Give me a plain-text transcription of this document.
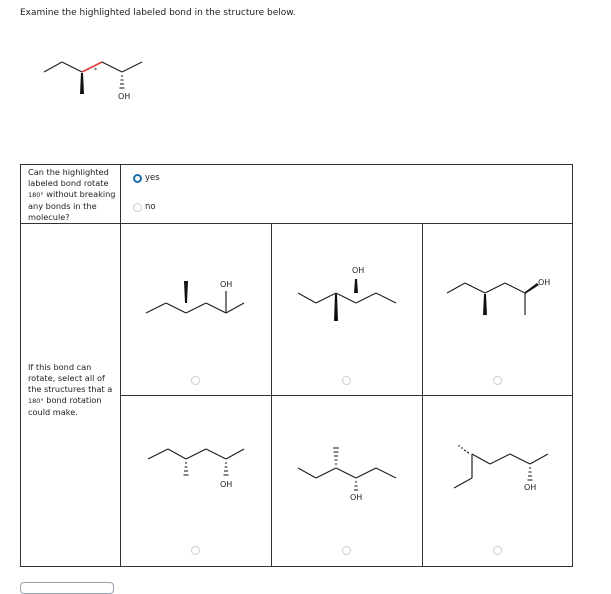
Examine the highlighted labeled bond in the structure below.
*
OH
Can the highlighted labeled bond rotate 180° without breaking any bonds in the molecule?
yes
no
If this bond can rotate, select all of the structures that a 180° bond rotation could make.
OH
OH
OH
OH
OH
OH
